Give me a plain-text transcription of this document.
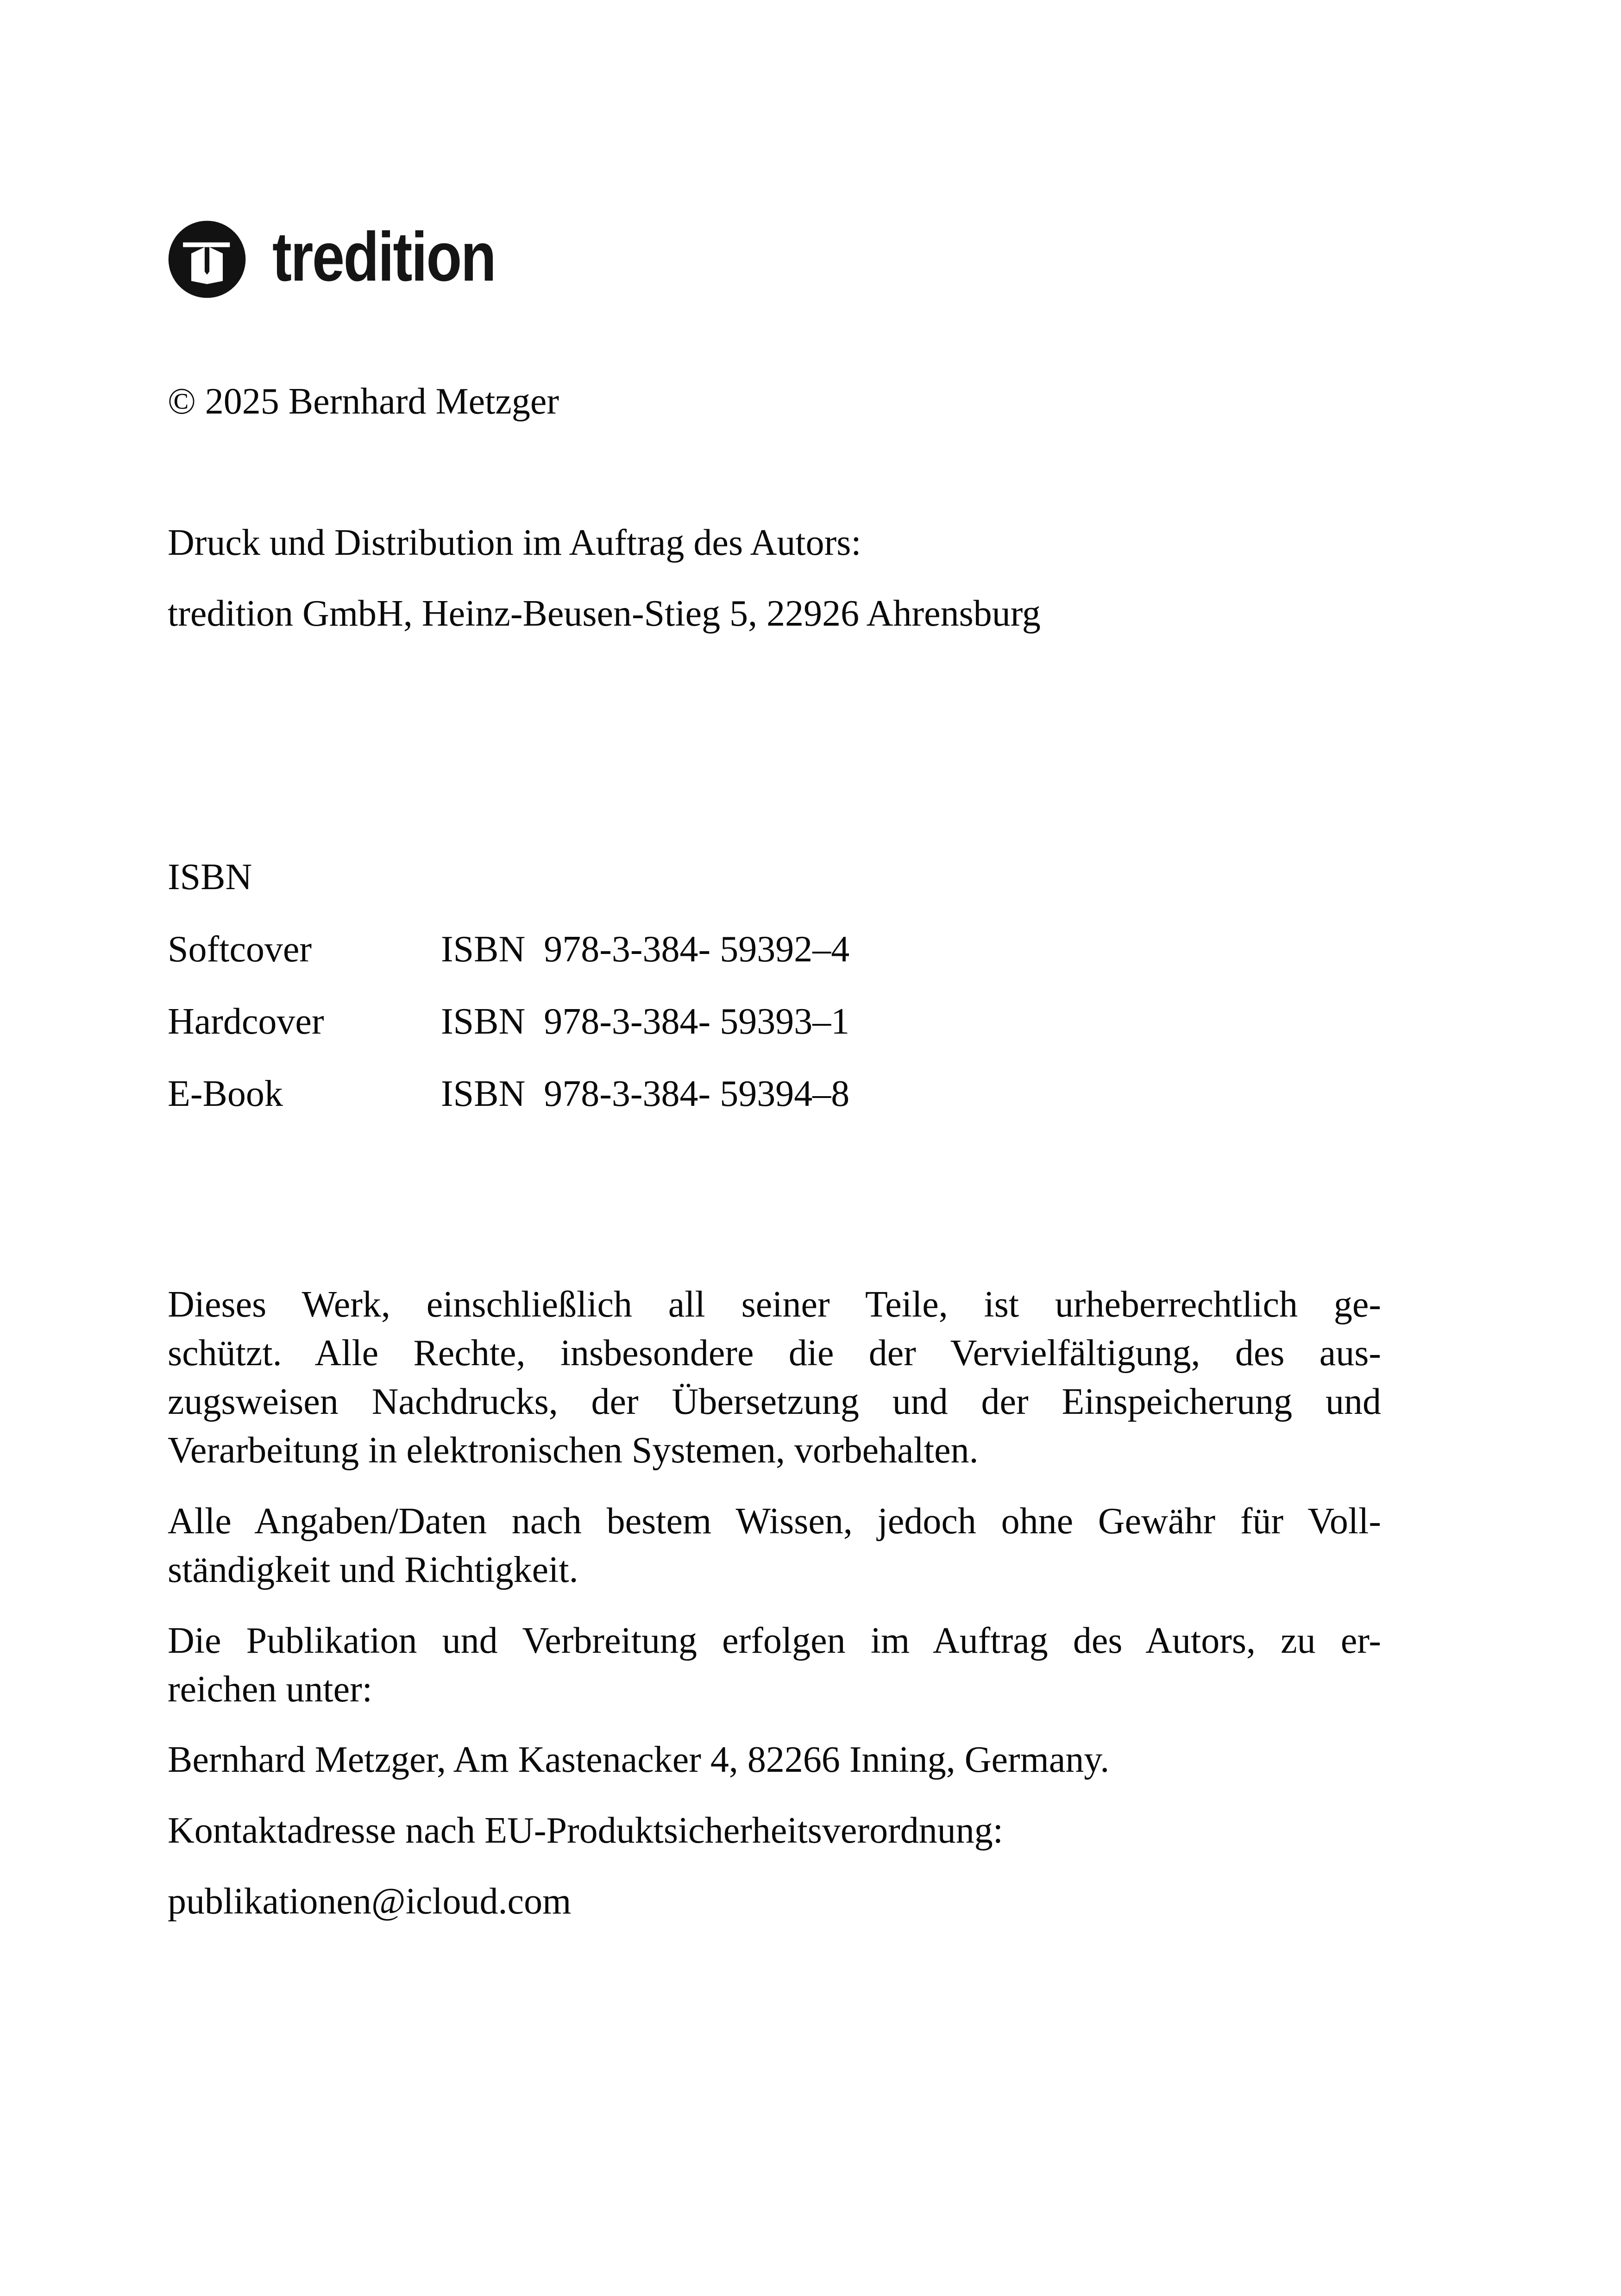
tredition
© 2025 Bernhard Metzger
Druck und Distribution im Auftrag des Autors:
tredition GmbH, Heinz-Beusen-Stieg 5, 22926 Ahrensburg
ISBN
Softcover	ISBN  978-3-384- 59392–4
Hardcover	ISBN  978-3-384- 59393–1
E-Book	ISBN  978-3-384- 59394–8
Dieses Werk, einschließlich all seiner Teile, ist urheberrechtlich ge-
schützt. Alle Rechte, insbesondere die der Vervielfältigung, des aus-
zugsweisen Nachdrucks, der Übersetzung und der Einspeicherung und
Verarbeitung in elektronischen Systemen, vorbehalten.
Alle Angaben/Daten nach bestem Wissen, jedoch ohne Gewähr für Voll-
ständigkeit und Richtigkeit.
Die Publikation und Verbreitung erfolgen im Auftrag des Autors, zu er-
reichen unter:
Bernhard Metzger, Am Kastenacker 4, 82266 Inning, Germany.
Kontaktadresse nach EU-Produktsicherheitsverordnung:
publikationen@icloud.com
